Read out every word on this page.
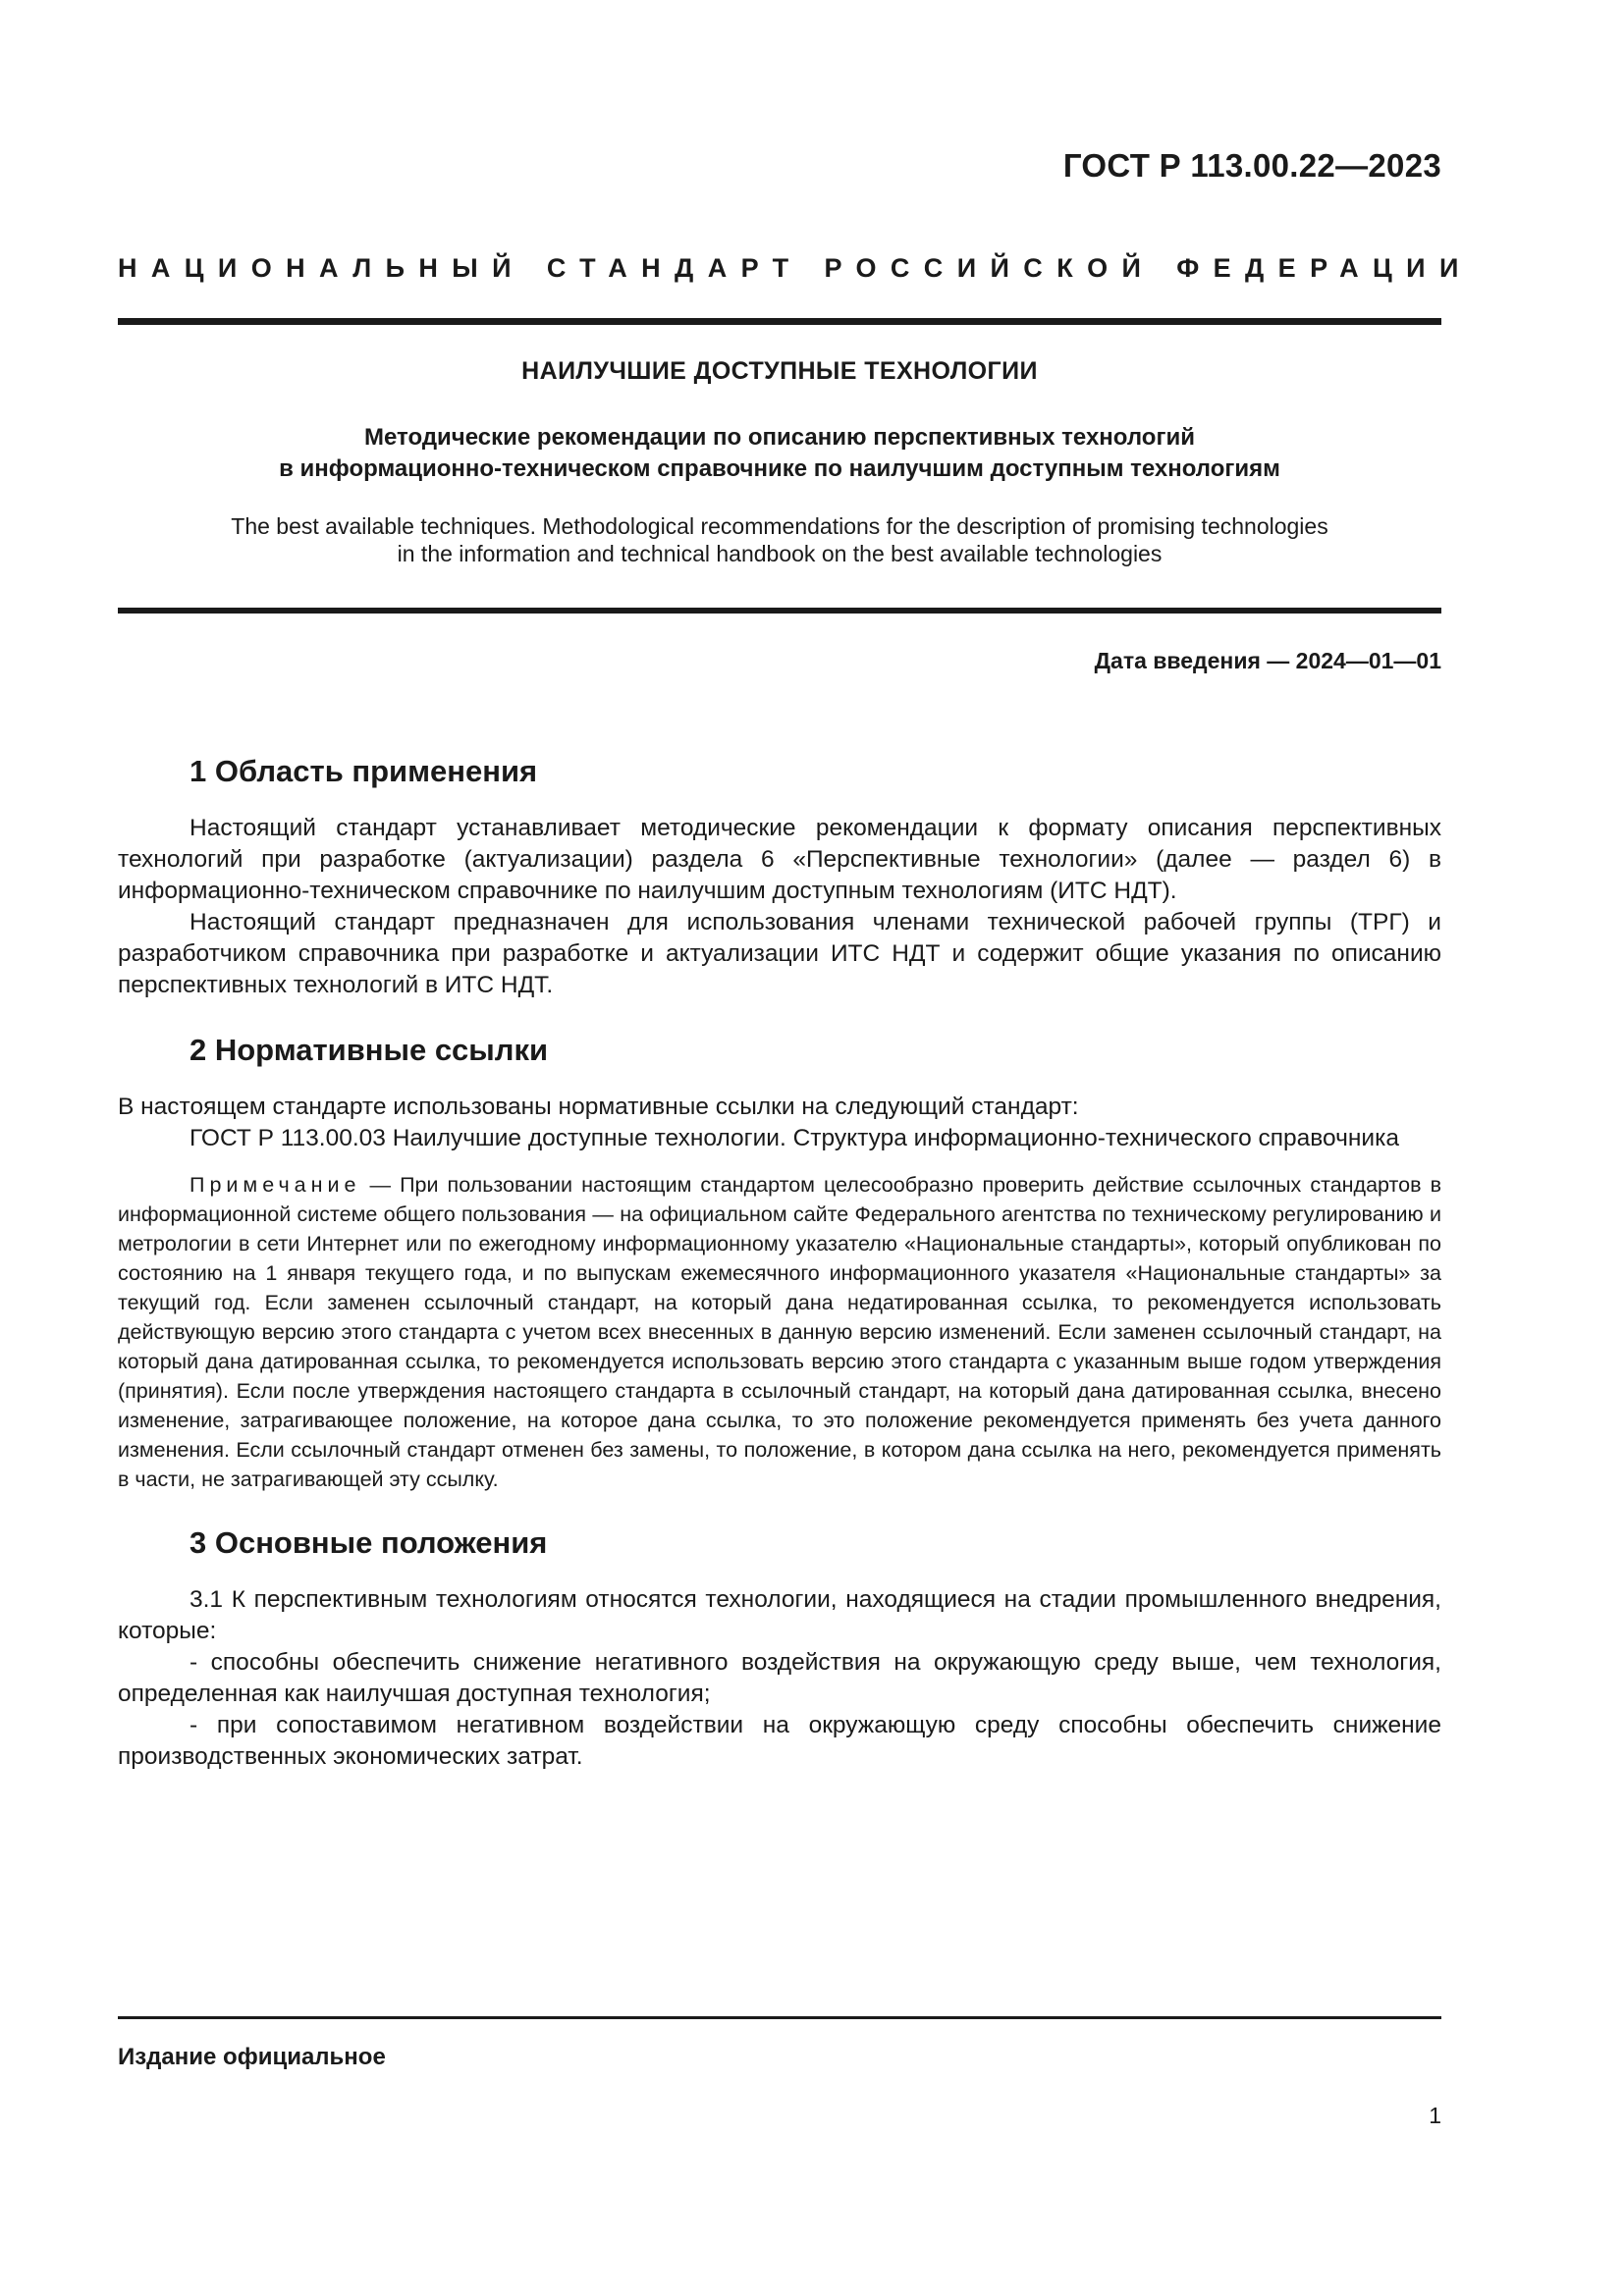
ГОСТ Р 113.00.22—2023
НАЦИОНАЛЬНЫЙ СТАНДАРТ РОССИЙСКОЙ ФЕДЕРАЦИИ
НАИЛУЧШИЕ ДОСТУПНЫЕ ТЕХНОЛОГИИ
Методические рекомендации по описанию перспективных технологий
в информационно-техническом справочнике по наилучшим доступным технологиям
The best available techniques. Methodological recommendations for the description of promising technologies
in the information and technical handbook on the best available technologies
Дата введения — 2024—01—01
1 Область применения

Настоящий стандарт устанавливает методические рекомендации к формату описания перспективных технологий при разработке (актуализации) раздела 6 «Перспективные технологии» (далее — раздел 6) в информационно-техническом справочнике по наилучшим доступным технологиям (ИТС НДТ).

Настоящий стандарт предназначен для использования членами технической рабочей группы (ТРГ) и разработчиком справочника при разработке и актуализации ИТС НДТ и содержит общие указания по описанию перспективных технологий в ИТС НДТ.

2 Нормативные ссылки

В настоящем стандарте использованы нормативные ссылки на следующий стандарт:

ГОСТ Р 113.00.03 Наилучшие доступные технологии. Структура информационно-технического справочника

Примечание — При пользовании настоящим стандартом целесообразно проверить действие ссылочных стандартов в информационной системе общего пользования — на официальном сайте Федерального агентства по техническому регулированию и метрологии в сети Интернет или по ежегодному информационному указателю «Национальные стандарты», который опубликован по состоянию на 1 января текущего года, и по выпускам ежемесячного информационного указателя «Национальные стандарты» за текущий год. Если заменен ссылочный стандарт, на который дана недатированная ссылка, то рекомендуется использовать действующую версию этого стандарта с учетом всех внесенных в данную версию изменений. Если заменен ссылочный стандарт, на который дана датированная ссылка, то рекомендуется использовать версию этого стандарта с указанным выше годом утверждения (принятия). Если после утверждения настоящего стандарта в ссылочный стандарт, на который дана датированная ссылка, внесено изменение, затрагивающее положение, на которое дана ссылка, то это положение рекомендуется применять без учета данного изменения. Если ссылочный стандарт отменен без замены, то положение, в котором дана ссылка на него, рекомендуется применять в части, не затрагивающей эту ссылку.

3 Основные положения

3.1 К перспективным технологиям относятся технологии, находящиеся на стадии промышленного внедрения, которые:

- способны обеспечить снижение негативного воздействия на окружающую среду выше, чем технология, определенная как наилучшая доступная технология;

- при сопоставимом негативном воздействии на окружающую среду способны обеспечить снижение производственных экономических затрат.

Издание официальное
1
